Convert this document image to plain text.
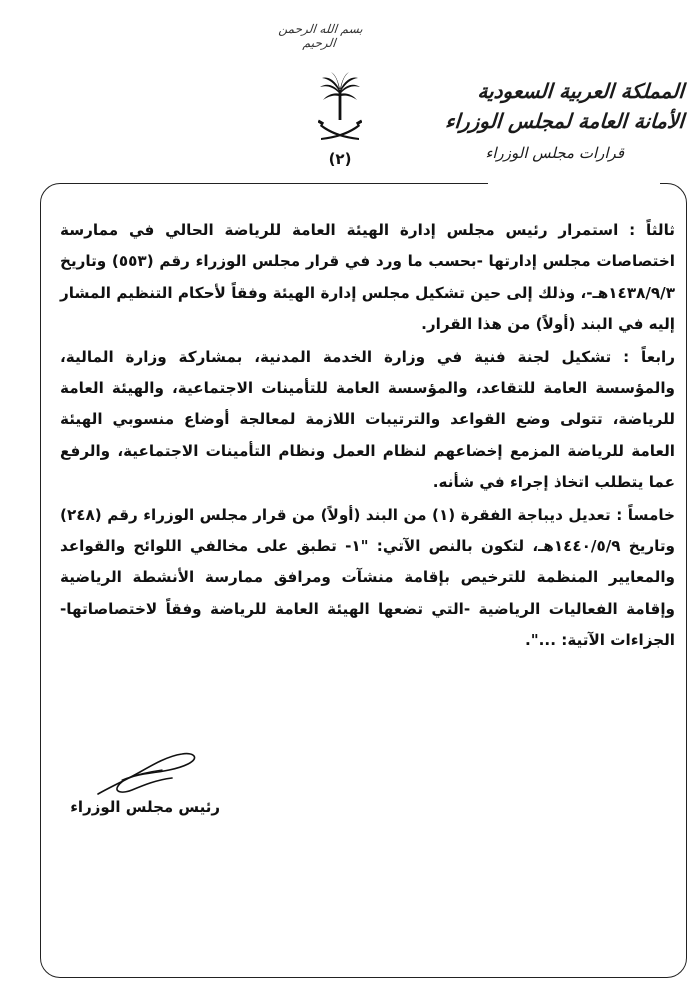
بسم الله الرحمن الرحيم
(٢)
المملكة العربية السعودية
الأمانة العامة لمجلس الوزراء
قرارات مجلس الوزراء

ثالثاً : استمرار رئيس مجلس إدارة الهيئة العامة للرياضة الحالي في ممارسة اختصاصات مجلس إدارتها -بحسب ما ورد في قرار مجلس الوزراء رقم (٥٥٣) وتاريخ ١٤٣٨/٩/٣هـ-، وذلك إلى حين تشكيل مجلس إدارة الهيئة وفقاً لأحكام التنظيم المشار إليه في البند (أولاً) من هذا القرار.

رابعاً : تشكيل لجنة فنية في وزارة الخدمة المدنية، بمشاركة وزارة المالية، والمؤسسة العامة للتقاعد، والمؤسسة العامة للتأمينات الاجتماعية، والهيئة العامة للرياضة، تتولى وضع القواعد والترتيبات اللازمة لمعالجة أوضاع منسوبي الهيئة العامة للرياضة المزمع إخضاعهم لنظام العمل ونظام التأمينات الاجتماعية، والرفع عما يتطلب اتخاذ إجراء في شأنه.

خامساً : تعديل ديباجة الفقرة (١) من البند (أولاً) من قرار مجلس الوزراء رقم (٢٤٨) وتاريخ ١٤٤٠/٥/٩هـ، لتكون بالنص الآتي: "١- تطبق على مخالفي اللوائح والقواعد والمعايير المنظمة للترخيص بإقامة منشآت ومرافق ممارسة الأنشطة الرياضية وإقامة الفعاليات الرياضية -التي تضعها الهيئة العامة للرياضة وفقاً لاختصاصاتها- الجزاءات الآتية: ...".

رئيس مجلس الوزراء
